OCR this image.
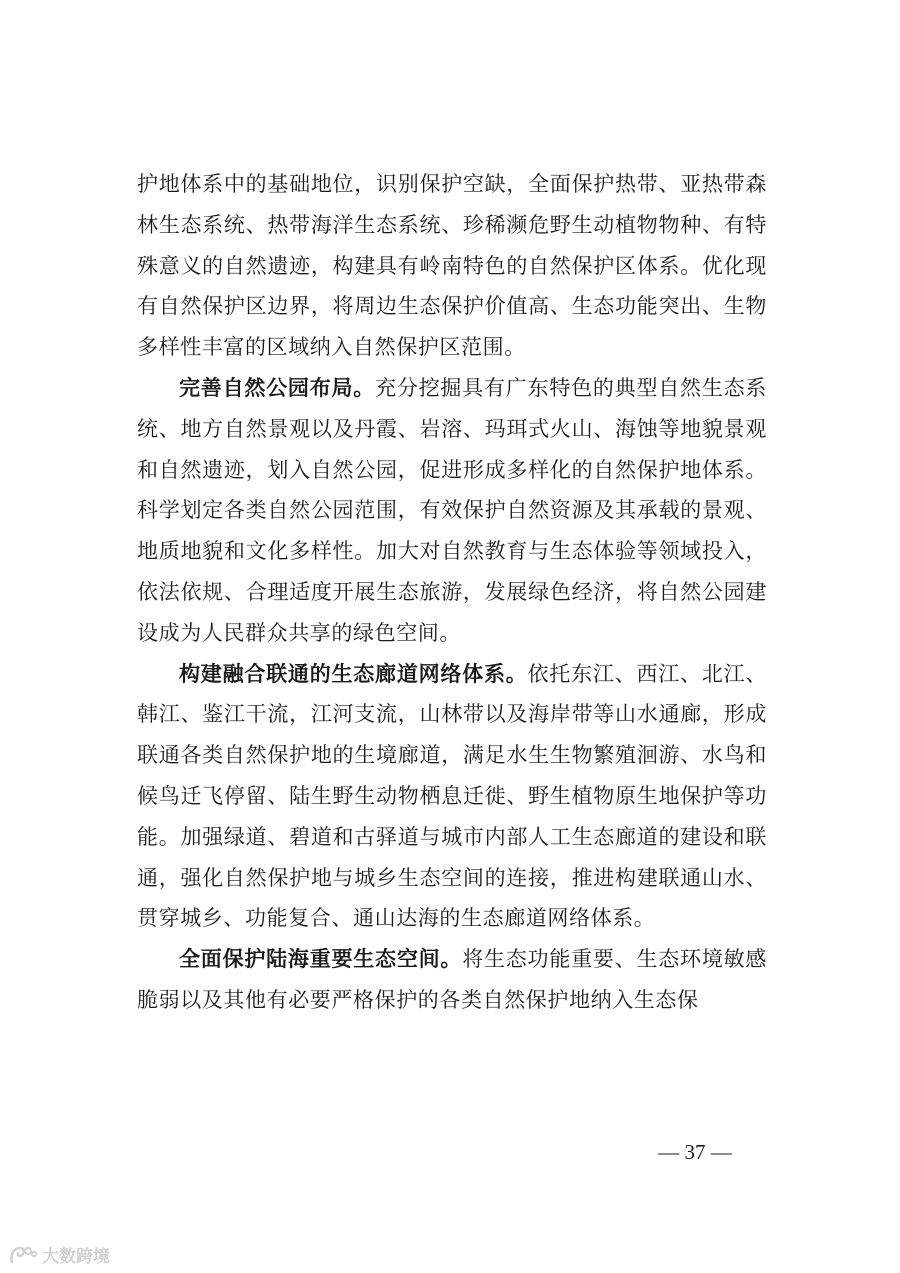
护地体系中的基础地位，识别保护空缺，全面保护热带、亚热带森林生态系统、热带海洋生态系统、珍稀濒危野生动植物物种、有特殊意义的自然遗迹，构建具有岭南特色的自然保护区体系。优化现有自然保护区边界，将周边生态保护价值高、生态功能突出、生物多样性丰富的区域纳入自然保护区范围。

完善自然公园布局。充分挖掘具有广东特色的典型自然生态系统、地方自然景观以及丹霞、岩溶、玛珥式火山、海蚀等地貌景观和自然遗迹，划入自然公园，促进形成多样化的自然保护地体系。科学划定各类自然公园范围，有效保护自然资源及其承载的景观、地质地貌和文化多样性。加大对自然教育与生态体验等领域投入，依法依规、合理适度开展生态旅游，发展绿色经济，将自然公园建设成为人民群众共享的绿色空间。

构建融合联通的生态廊道网络体系。依托东江、西江、北江、韩江、鉴江干流，江河支流，山林带以及海岸带等山水通廊，形成联通各类自然保护地的生境廊道，满足水生生物繁殖洄游、水鸟和候鸟迁飞停留、陆生野生动物栖息迁徙、野生植物原生地保护等功能。加强绿道、碧道和古驿道与城市内部人工生态廊道的建设和联通，强化自然保护地与城乡生态空间的连接，推进构建联通山水、贯穿城乡、功能复合、通山达海的生态廊道网络体系。

全面保护陆海重要生态空间。将生态功能重要、生态环境敏感脆弱以及其他有必要严格保护的各类自然保护地纳入生态保

— 37 —
大数跨境
